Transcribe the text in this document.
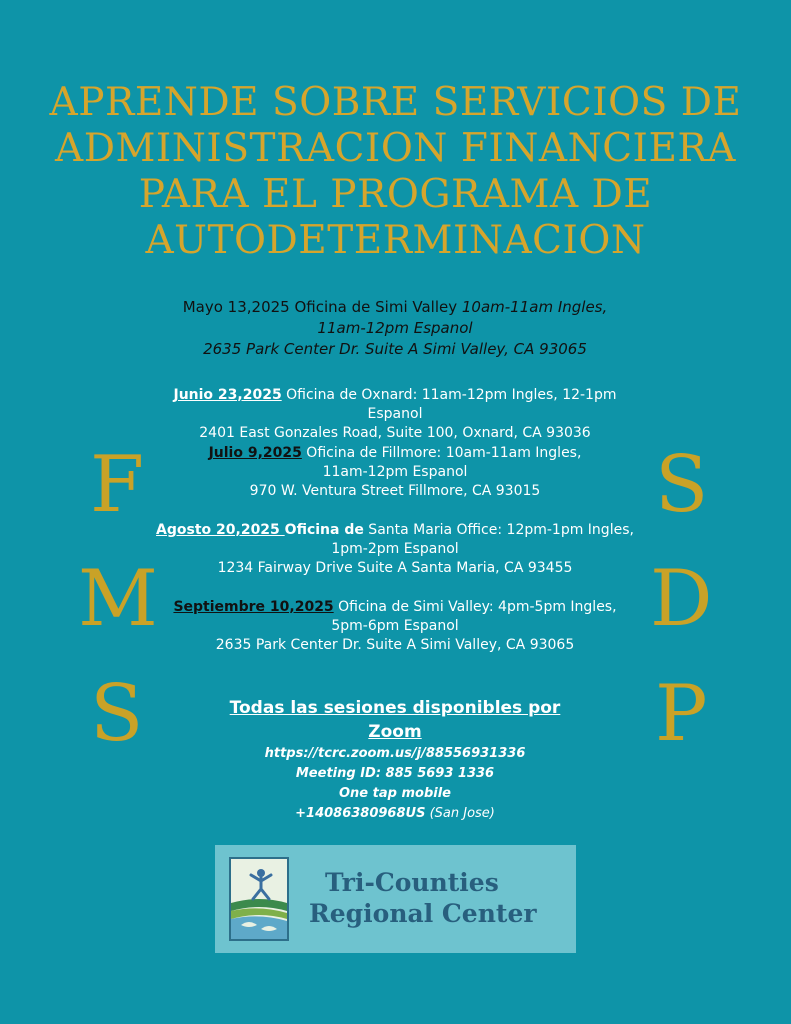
APRENDE SOBRE SERVICIOS DE
ADMINISTRACION FINANCIERA
PARA EL PROGRAMA DE
AUTODETERMINACION
F
M
S
S
D
P
Mayo 13,2025 Oficina de Simi Valley 10am-11am Ingles,
11am-12pm Espanol
2635 Park Center Dr. Suite A Simi Valley, CA 93065
Junio 23,2025 Oficina de Oxnard: 11am-12pm Ingles, 12-1pm Espanol
2401 East Gonzales Road, Suite 100, Oxnard, CA 93036
Julio 9,2025 Oficina de Fillmore: 10am-11am Ingles,
11am-12pm Espanol
970 W. Ventura Street Fillmore, CA 93015
Agosto 20,2025 Oficina de Santa Maria Office: 12pm-1pm Ingles,
1pm-2pm Espanol
1234 Fairway Drive Suite A Santa Maria, CA 93455
Septiembre 10,2025 Oficina de Simi Valley: 4pm-5pm Ingles,
5pm-6pm Espanol
2635 Park Center Dr. Suite A Simi Valley, CA 93065
Todas las sesiones disponibles por
Zoom
https://tcrc.zoom.us/j/88556931336
Meeting ID: 885 5693 1336
One tap mobile
+14086380968US (San Jose)
Tri-Counties
Regional Center
